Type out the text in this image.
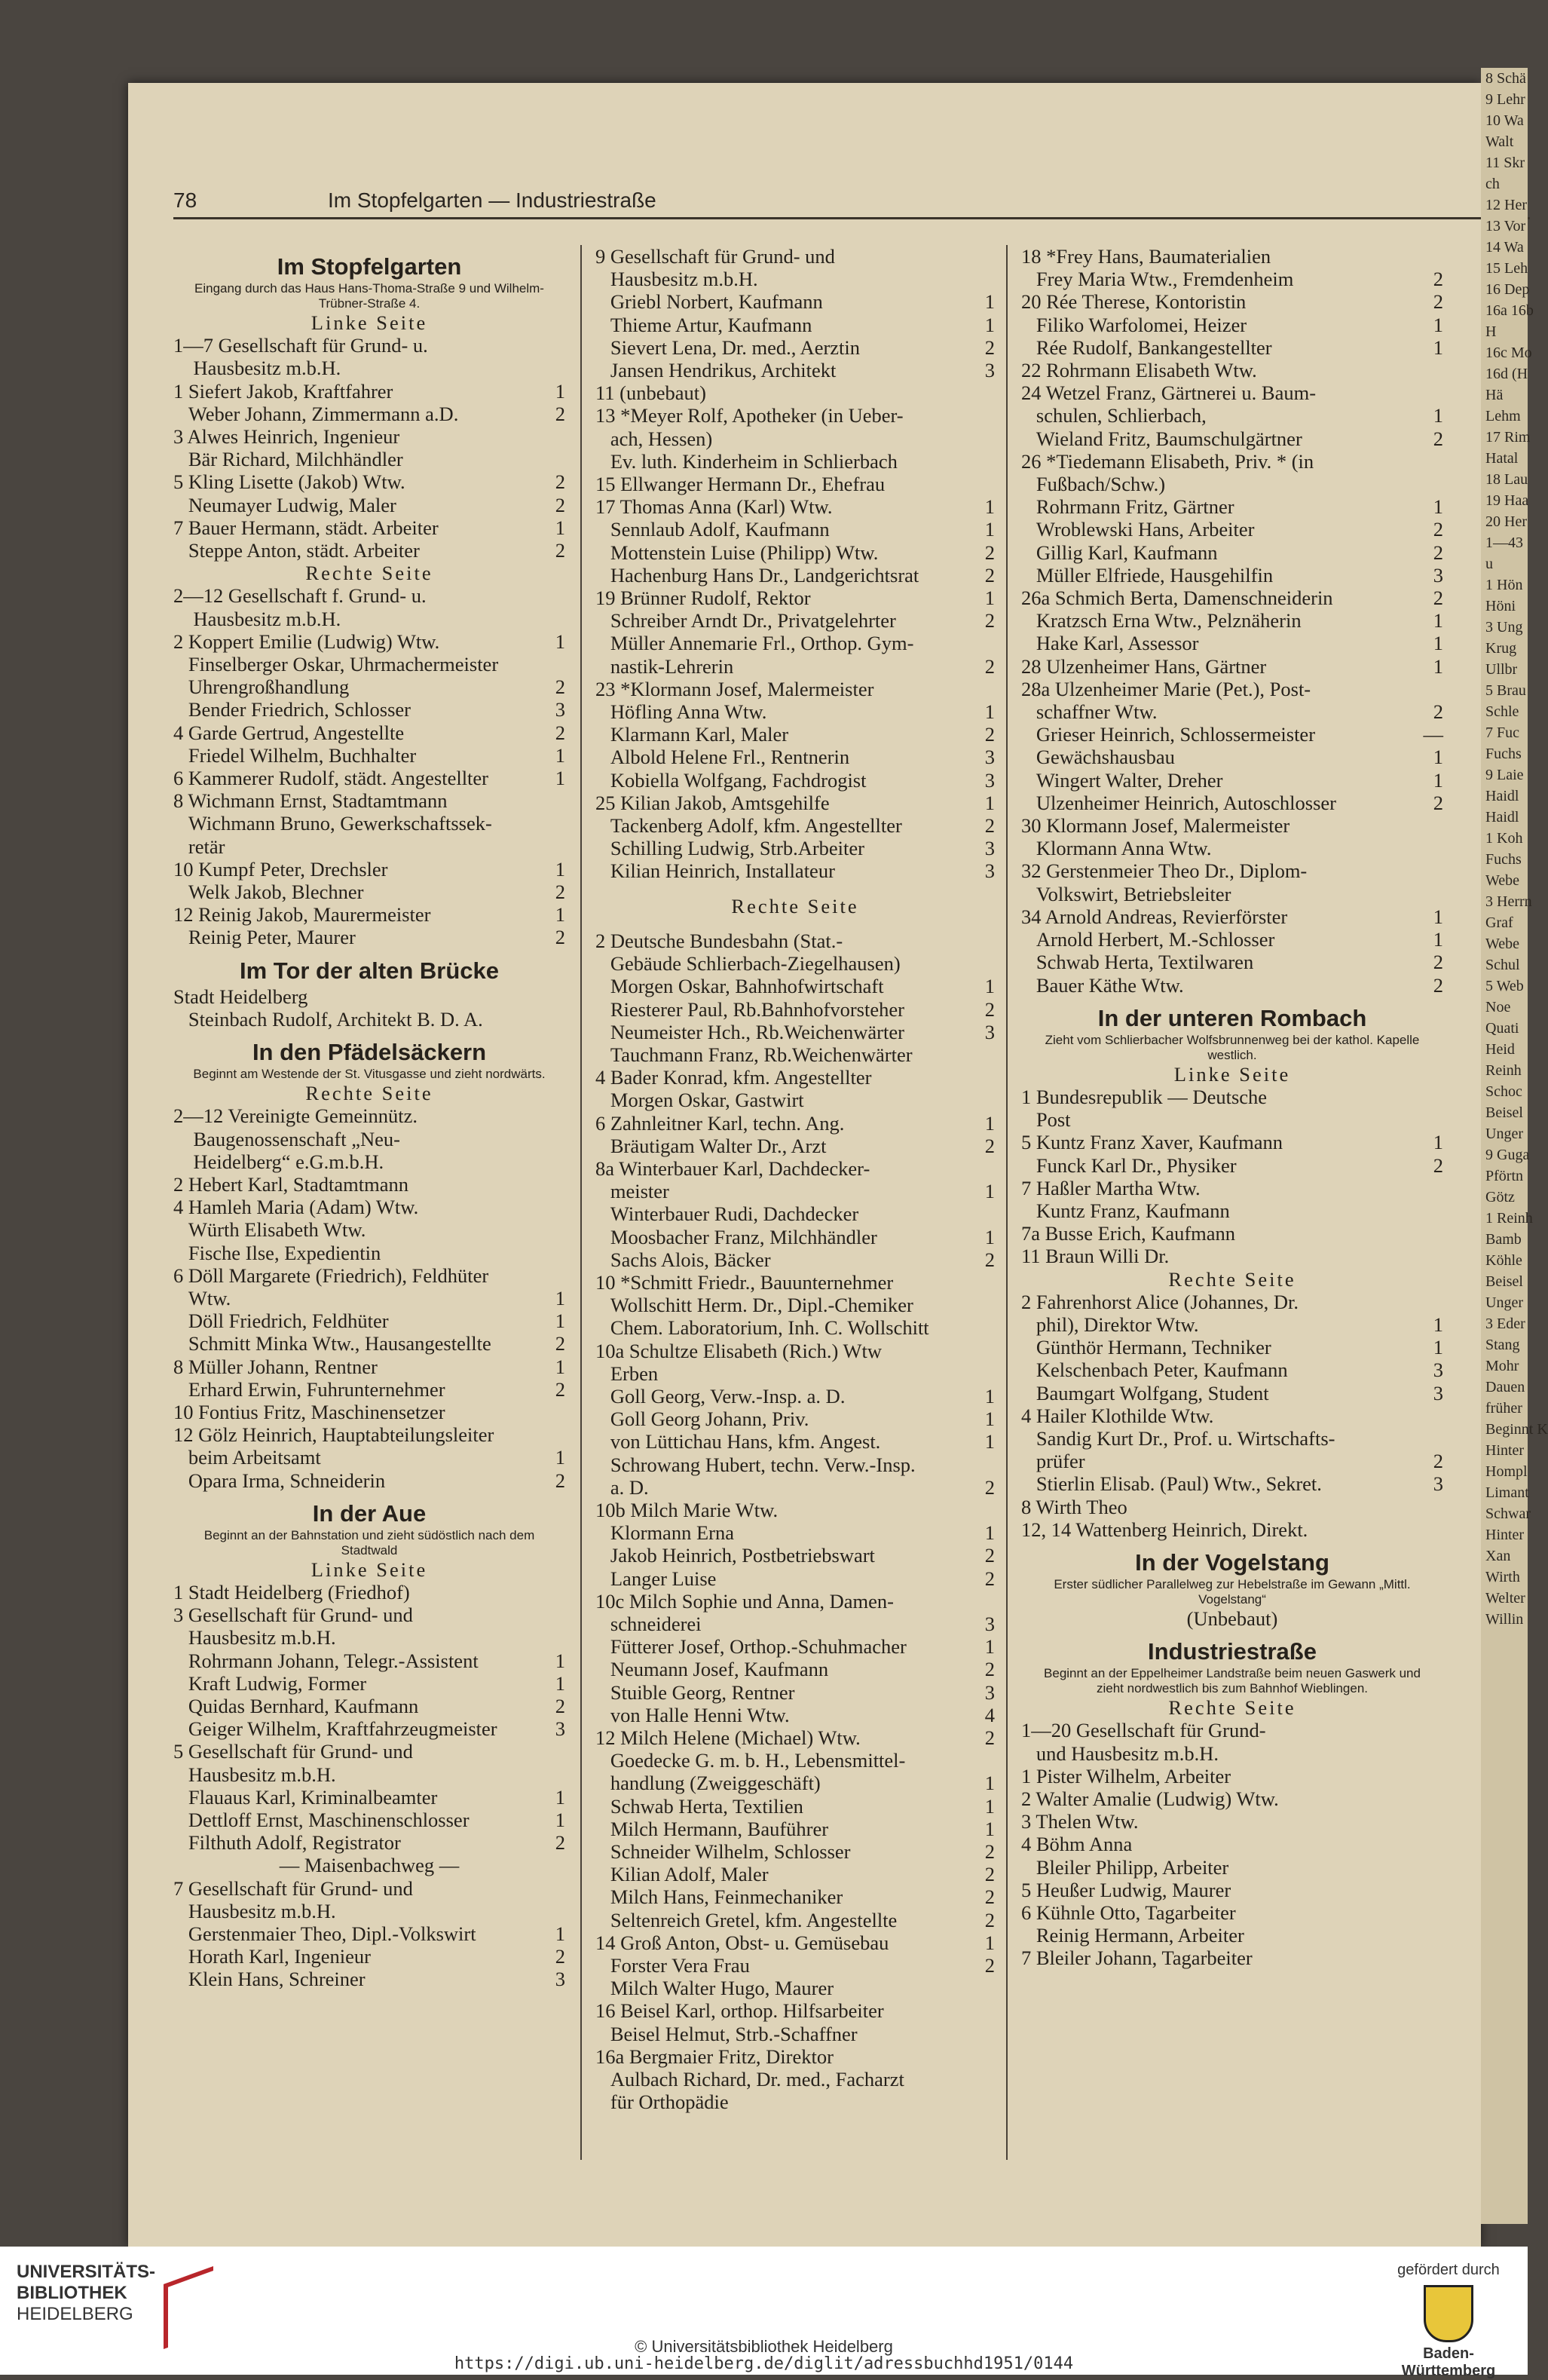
78	Im Stopfelgarten — Industriestraße
Im Stopfelgarten
Eingang durch das Haus Hans-Thoma-Straße 9 und Wilhelm-Trübner-Straße 4.
Linke Seite
1—7 Gesellschaft für Grund- u.
Hausbesitz m.b.H.
1 Siefert Jakob, Kraftfahrer	1
Weber Johann, Zimmermann a.D.	2
3 Alwes Heinrich, Ingenieur
Bär Richard, Milchhändler
5 Kling Lisette (Jakob) Wtw.	2
Neumayer Ludwig, Maler	2
7 Bauer Hermann, städt. Arbeiter	1
Steppe Anton, städt. Arbeiter	2
Rechte Seite
2—12 Gesellschaft f. Grund- u.
Hausbesitz m.b.H.
2 Koppert Emilie (Ludwig) Wtw.	1
Finselberger Oskar, Uhrmachermeister
Uhrengroßhandlung	2
Bender Friedrich, Schlosser	3
4 Garde Gertrud, Angestellte	2
Friedel Wilhelm, Buchhalter	1
6 Kammerer Rudolf, städt. Angestellter	1
8 Wichmann Ernst, Stadtamtmann
Wichmann Bruno, Gewerkschaftssek-
retär
10 Kumpf Peter, Drechsler	1
Welk Jakob, Blechner	2
12 Reinig Jakob, Maurermeister	1
Reinig Peter, Maurer	2
Im Tor der alten Brücke
Stadt Heidelberg
Steinbach Rudolf, Architekt B. D. A.
In den Pfädelsäckern
Beginnt am Westende der St. Vitusgasse und zieht nordwärts.
Rechte Seite
2—12 Vereinigte Gemeinnütz.
Baugenossenschaft „Neu-
Heidelberg“ e.G.m.b.H.
2 Hebert Karl, Stadtamtmann
4 Hamleh Maria (Adam) Wtw.
Würth Elisabeth Wtw.
Fische Ilse, Expedientin
6 Döll Margarete (Friedrich), Feldhüter
Wtw.	1
Döll Friedrich, Feldhüter	1
Schmitt Minka Wtw., Hausangestellte	2
8 Müller Johann, Rentner	1
Erhard Erwin, Fuhrunternehmer	2
10 Fontius Fritz, Maschinensetzer
12 Gölz Heinrich, Hauptabteilungsleiter
beim Arbeitsamt	1
Opara Irma, Schneiderin	2
In der Aue
Beginnt an der Bahnstation und zieht südöstlich nach dem Stadtwald
Linke Seite
1 Stadt Heidelberg (Friedhof)
3 Gesellschaft für Grund- und
Hausbesitz m.b.H.
Rohrmann Johann, Telegr.-Assistent	1
Kraft Ludwig, Former	1
Quidas Bernhard, Kaufmann	2
Geiger Wilhelm, Kraftfahrzeugmeister	3
5 Gesellschaft für Grund- und
Hausbesitz m.b.H.
Flauaus Karl, Kriminalbeamter	1
Dettloff Ernst, Maschinenschlosser	1
Filthuth Adolf, Registrator	2
— Maisenbachweg —
7 Gesellschaft für Grund- und
Hausbesitz m.b.H.
Gerstenmaier Theo, Dipl.-Volkswirt	1
Horath Karl, Ingenieur	2
Klein Hans, Schreiner	3
9 Gesellschaft für Grund- und
Hausbesitz m.b.H.
Griebl Norbert, Kaufmann	1
Thieme Artur, Kaufmann	1
Sievert Lena, Dr. med., Aerztin	2
Jansen Hendrikus, Architekt	3
11 (unbebaut)
13 *Meyer Rolf, Apotheker (in Ueber-
ach, Hessen)
Ev. luth. Kinderheim in Schlierbach
15 Ellwanger Hermann Dr., Ehefrau
17 Thomas Anna (Karl) Wtw.	1
Sennlaub Adolf, Kaufmann	1
Mottenstein Luise (Philipp) Wtw.	2
Hachenburg Hans Dr., Landgerichtsrat	2
19 Brünner Rudolf, Rektor	1
Schreiber Arndt Dr., Privatgelehrter	2
Müller Annemarie Frl., Orthop. Gym-
nastik-Lehrerin	2
23 *Klormann Josef, Malermeister
Höfling Anna Wtw.	1
Klarmann Karl, Maler	2
Albold Helene Frl., Rentnerin	3
Kobiella Wolfgang, Fachdrogist	3
25 Kilian Jakob, Amtsgehilfe	1
Tackenberg Adolf, kfm. Angestellter	2
Schilling Ludwig, Strb.Arbeiter	3
Kilian Heinrich, Installateur	3
Rechte Seite
2 Deutsche Bundesbahn (Stat.-
Gebäude Schlierbach-Ziegelhausen)
Morgen Oskar, Bahnhofwirtschaft	1
Riesterer Paul, Rb.Bahnhofvorsteher	2
Neumeister Hch., Rb.Weichenwärter	3
Tauchmann Franz, Rb.Weichenwärter
4 Bader Konrad, kfm. Angestellter
Morgen Oskar, Gastwirt
6 Zahnleitner Karl, techn. Ang.	1
Bräutigam Walter Dr., Arzt	2
8a Winterbauer Karl, Dachdecker-
meister	1
Winterbauer Rudi, Dachdecker
Moosbacher Franz, Milchhändler	1
Sachs Alois, Bäcker	2
10 *Schmitt Friedr., Bauunternehmer
Wollschitt Herm. Dr., Dipl.-Chemiker
Chem. Laboratorium, Inh. C. Wollschitt
10a Schultze Elisabeth (Rich.) Wtw
Erben
Goll Georg, Verw.-Insp. a. D.	1
Goll Georg Johann, Priv.	1
von Lüttichau Hans, kfm. Angest.	1
Schrowang Hubert, techn. Verw.-Insp.
a. D.	2
10b Milch Marie Wtw.
Klormann Erna	1
Jakob Heinrich, Postbetriebswart	2
Langer Luise	2
10c Milch Sophie und Anna, Damen-
schneiderei	3
Fütterer Josef, Orthop.-Schuhmacher	1
Neumann Josef, Kaufmann	2
Stuible Georg, Rentner	3
von Halle Henni Wtw.	4
12 Milch Helene (Michael) Wtw.	2
Goedecke G. m. b. H., Lebensmittel-
handlung (Zweiggeschäft)	1
Schwab Herta, Textilien	1
Milch Hermann, Bauführer	1
Schneider Wilhelm, Schlosser	2
Kilian Adolf, Maler	2
Milch Hans, Feinmechaniker	2
Seltenreich Gretel, kfm. Angestellte	2
14 Groß Anton, Obst- u. Gemüsebau	1
Forster Vera Frau	2
Milch Walter Hugo, Maurer
16 Beisel Karl, orthop. Hilfsarbeiter
Beisel Helmut, Strb.-Schaffner
16a Bergmaier Fritz, Direktor
Aulbach Richard, Dr. med., Facharzt
für Orthopädie
18 *Frey Hans, Baumaterialien
Frey Maria Wtw., Fremdenheim	2
20 Rée Therese, Kontoristin	2
Filiko Warfolomei, Heizer	1
Rée Rudolf, Bankangestellter	1
22 Rohrmann Elisabeth Wtw.
24 Wetzel Franz, Gärtnerei u. Baum-
schulen, Schlierbach,	1
Wieland Fritz, Baumschulgärtner	2
26 *Tiedemann Elisabeth, Priv. * (in
Fußbach/Schw.)
Rohrmann Fritz, Gärtner	1
Wroblewski Hans, Arbeiter	2
Gillig Karl, Kaufmann	2
Müller Elfriede, Hausgehilfin	3
26a Schmich Berta, Damenschneiderin	2
Kratzsch Erna Wtw., Pelznäherin	1
Hake Karl, Assessor	1
28 Ulzenheimer Hans, Gärtner	1
28a Ulzenheimer Marie (Pet.), Post-
schaffner Wtw.	2
Grieser Heinrich, Schlossermeister	—
Gewächshausbau	1
Wingert Walter, Dreher	1
Ulzenheimer Heinrich, Autoschlosser	2
30 Klormann Josef, Malermeister
Klormann Anna Wtw.
32 Gerstenmeier Theo Dr., Diplom-
Volkswirt, Betriebsleiter
34 Arnold Andreas, Revierförster	1
Arnold Herbert, M.-Schlosser	1
Schwab Herta, Textilwaren	2
Bauer Käthe Wtw.	2
In der unteren Rombach
Zieht vom Schlierbacher Wolfsbrunnenweg bei der kathol. Kapelle westlich.
Linke Seite
1 Bundesrepublik — Deutsche
Post
5 Kuntz Franz Xaver, Kaufmann	1
Funck Karl Dr., Physiker	2
7 Haßler Martha Wtw.
Kuntz Franz, Kaufmann
7a Busse Erich, Kaufmann
11 Braun Willi Dr.
Rechte Seite
2 Fahrenhorst Alice (Johannes, Dr.
phil), Direktor Wtw.	1
Günthör Hermann, Techniker	1
Kelschenbach Peter, Kaufmann	3
Baumgart Wolfgang, Student	3
4 Hailer Klothilde Wtw.
Sandig Kurt Dr., Prof. u. Wirtschafts-
prüfer	2
Stierlin Elisab. (Paul) Wtw., Sekret.	3
8 Wirth Theo
12, 14 Wattenberg Heinrich, Direkt.
In der Vogelstang
Erster südlicher Parallelweg zur Hebelstraße im Gewann „Mittl. Vogelstang“
(Unbebaut)
Industriestraße
Beginnt an der Eppelheimer Landstraße beim neuen Gaswerk und zieht nordwestlich bis zum Bahnhof Wieblingen.
Rechte Seite
1—20 Gesellschaft für Grund-
und Hausbesitz m.b.H.
1 Pister Wilhelm, Arbeiter
2 Walter Amalie (Ludwig) Wtw.
3 Thelen Wtw.
4 Böhm Anna
Bleiler Philipp, Arbeiter
5 Heußer Ludwig, Maurer
6 Kühnle Otto, Tagarbeiter
Reinig Hermann, Arbeiter
7 Bleiler Johann, Tagarbeiter
8 Schä
9 Lehr
10 Wa
Walt
11 Skr
ch
12 Her
13 Vor
14 Wa
15 Leh
16 Dep
16a 16b
H
16c Mo
16d (H
Hä
Lehm
17 Rim
Hatal
18 Lau
19 Haa
20 Her
1—43
u
1 Hön
Höni
3 Ung
Krug
Ullbr
5 Brau
Schle
7 Fuc
Fuchs
9 Laie
Haidl
Haidl
1 Koh
Fuchs
Webe
3 Herrn
Graf
Webe
Schul
5 Web
Noe
Quati
Heid
Reinh
Schoc
Beisel
Unger
9 Guga
Pförtn
Götz
1 Reinh
Bamb
Köhle
Beisel
Unger
3 Eder
Stang
Mohr
Dauen
früher
Beginnt K
Hinter
Hompl
Limant
Schwar
Hinter
Xan
Wirth
Welter
Willin
UNIVERSITÄTS-
BIBLIOTHEK
HEIDELBERG
© Universitätsbibliothek Heidelberg
https://digi.ub.uni-heidelberg.de/diglit/adressbuchhd1951/0144
gefördert durch
Baden-Württemberg
